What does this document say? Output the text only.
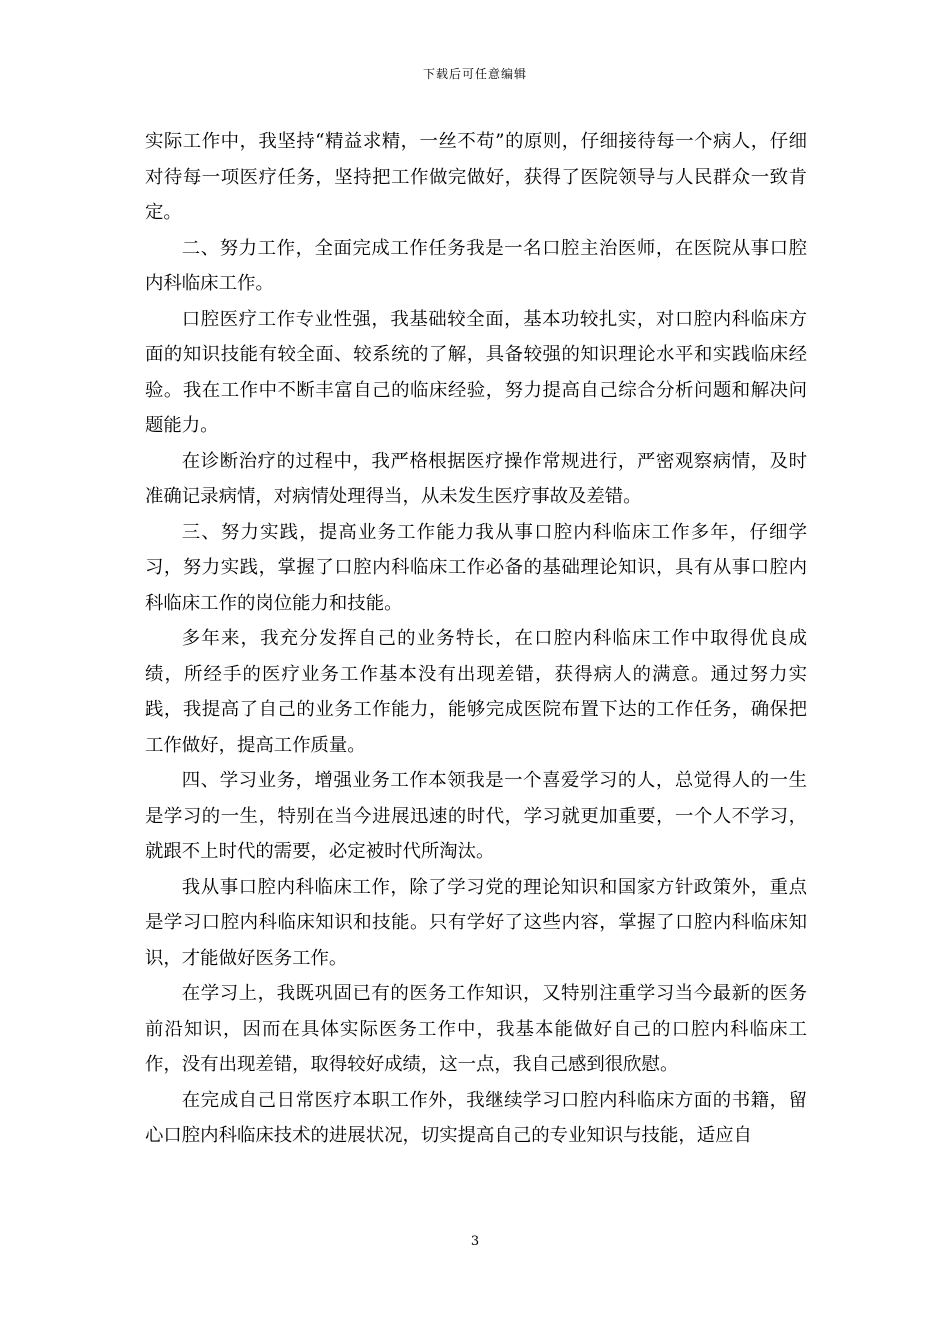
下载后可任意编辑

实际工作中，我坚持“精益求精，一丝不苟”的原则，仔细接待每一个病人，仔细对待每一项医疗任务，坚持把工作做完做好，获得了医院领导与人民群众一致肯定。

二、努力工作，全面完成工作任务我是一名口腔主治医师，在医院从事口腔内科临床工作。

口腔医疗工作专业性强，我基础较全面，基本功较扎实，对口腔内科临床方面的知识技能有较全面、较系统的了解，具备较强的知识理论水平和实践临床经验。我在工作中不断丰富自己的临床经验，努力提高自己综合分析问题和解决问题能力。

在诊断治疗的过程中，我严格根据医疗操作常规进行，严密观察病情，及时准确记录病情，对病情处理得当，从未发生医疗事故及差错。

三、努力实践，提高业务工作能力我从事口腔内科临床工作多年，仔细学习，努力实践，掌握了口腔内科临床工作必备的基础理论知识，具有从事口腔内科临床工作的岗位能力和技能。

多年来，我充分发挥自己的业务特长，在口腔内科临床工作中取得优良成绩，所经手的医疗业务工作基本没有出现差错，获得病人的满意。通过努力实践，我提高了自己的业务工作能力，能够完成医院布置下达的工作任务，确保把工作做好，提高工作质量。

四、学习业务，增强业务工作本领我是一个喜爱学习的人，总觉得人的一生是学习的一生，特别在当今进展迅速的时代，学习就更加重要，一个人不学习，就跟不上时代的需要，必定被时代所淘汰。

我从事口腔内科临床工作，除了学习党的理论知识和国家方针政策外，重点是学习口腔内科临床知识和技能。只有学好了这些内容，掌握了口腔内科临床知识，才能做好医务工作。

在学习上，我既巩固已有的医务工作知识，又特别注重学习当今最新的医务前沿知识，因而在具体实际医务工作中，我基本能做好自己的口腔内科临床工作，没有出现差错，取得较好成绩，这一点，我自己感到很欣慰。

在完成自己日常医疗本职工作外，我继续学习口腔内科临床方面的书籍，留心口腔内科临床技术的进展状况，切实提高自己的专业知识与技能，适应自

3
